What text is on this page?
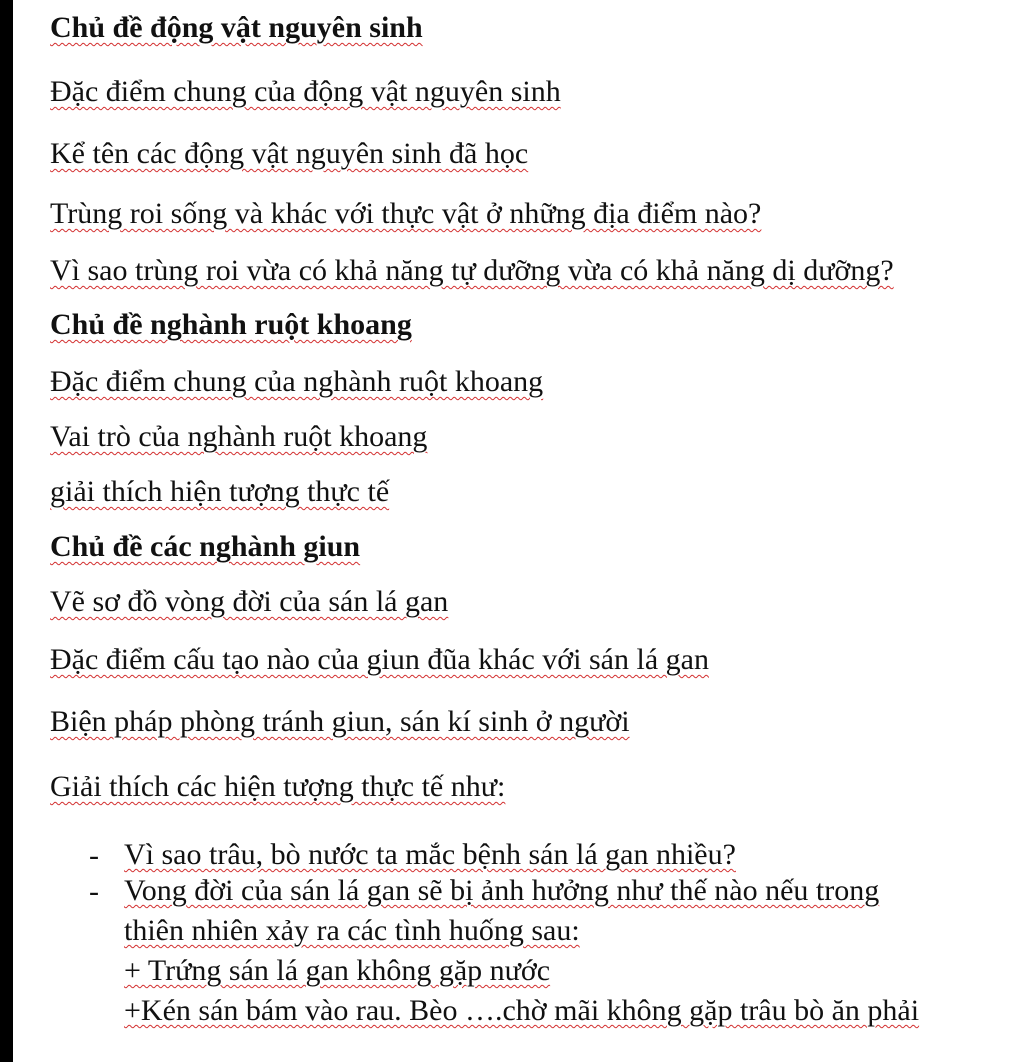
Chủ đề động vật nguyên sinh

Đặc điểm chung của động vật nguyên sinh

Kể tên các động vật nguyên sinh đã học

Trùng roi sống và khác với thực vật ở những địa điểm nào?

Vì sao trùng roi vừa có khả năng tự dưỡng vừa có khả năng dị dưỡng?

Chủ đề nghành ruột khoang

Đặc điểm chung của nghành ruột khoang

Vai trò của nghành ruột khoang

giải thích hiện tượng thực tế

Chủ đề các nghành giun

Vẽ sơ đồ vòng đời của sán lá gan

Đặc điểm cấu tạo nào của giun đũa khác với sán lá gan

Biện pháp phòng tránh giun, sán kí sinh ở người

Giải thích các hiện tượng thực tế như:

- Vì sao trâu, bò nước ta mắc bệnh sán lá gan nhiều?

- Vong đời của sán lá gan sẽ bị ảnh hưởng như thế nào nếu trong

thiên nhiên xảy ra các tình huống sau:

+ Trứng sán lá gan không gặp nước

+Kén sán bám vào rau. Bèo ….chờ mãi không gặp trâu bò ăn phải
